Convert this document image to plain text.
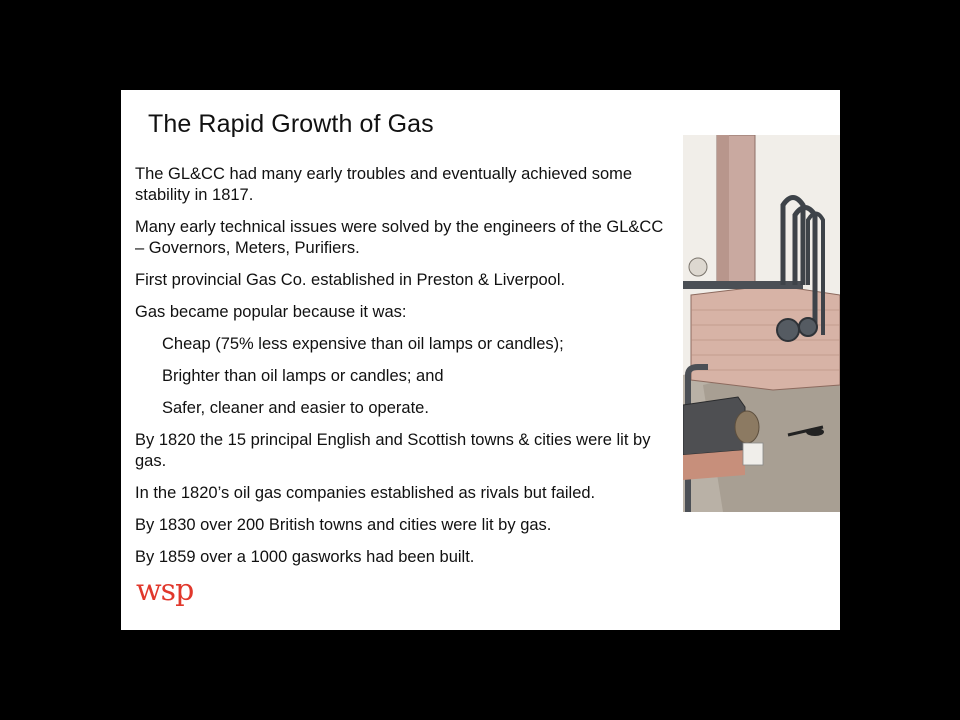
The Rapid Growth of Gas
The GL&CC had many early troubles and eventually achieved some stability in 1817.
Many early technical issues were solved by the engineers of the GL&CC – Governors, Meters, Purifiers.
First provincial Gas Co. established in Preston & Liverpool.
Gas became popular because it was:
Cheap (75% less expensive than oil lamps or candles);
Brighter than oil lamps or candles; and
Safer, cleaner and easier to operate.
By 1820 the 15 principal English and Scottish towns & cities were lit by gas.
In the 1820’s oil gas companies established as rivals but failed.
By 1830 over 200 British towns and cities were lit by gas.
By 1859 over a 1000 gasworks had been built.
wsp
